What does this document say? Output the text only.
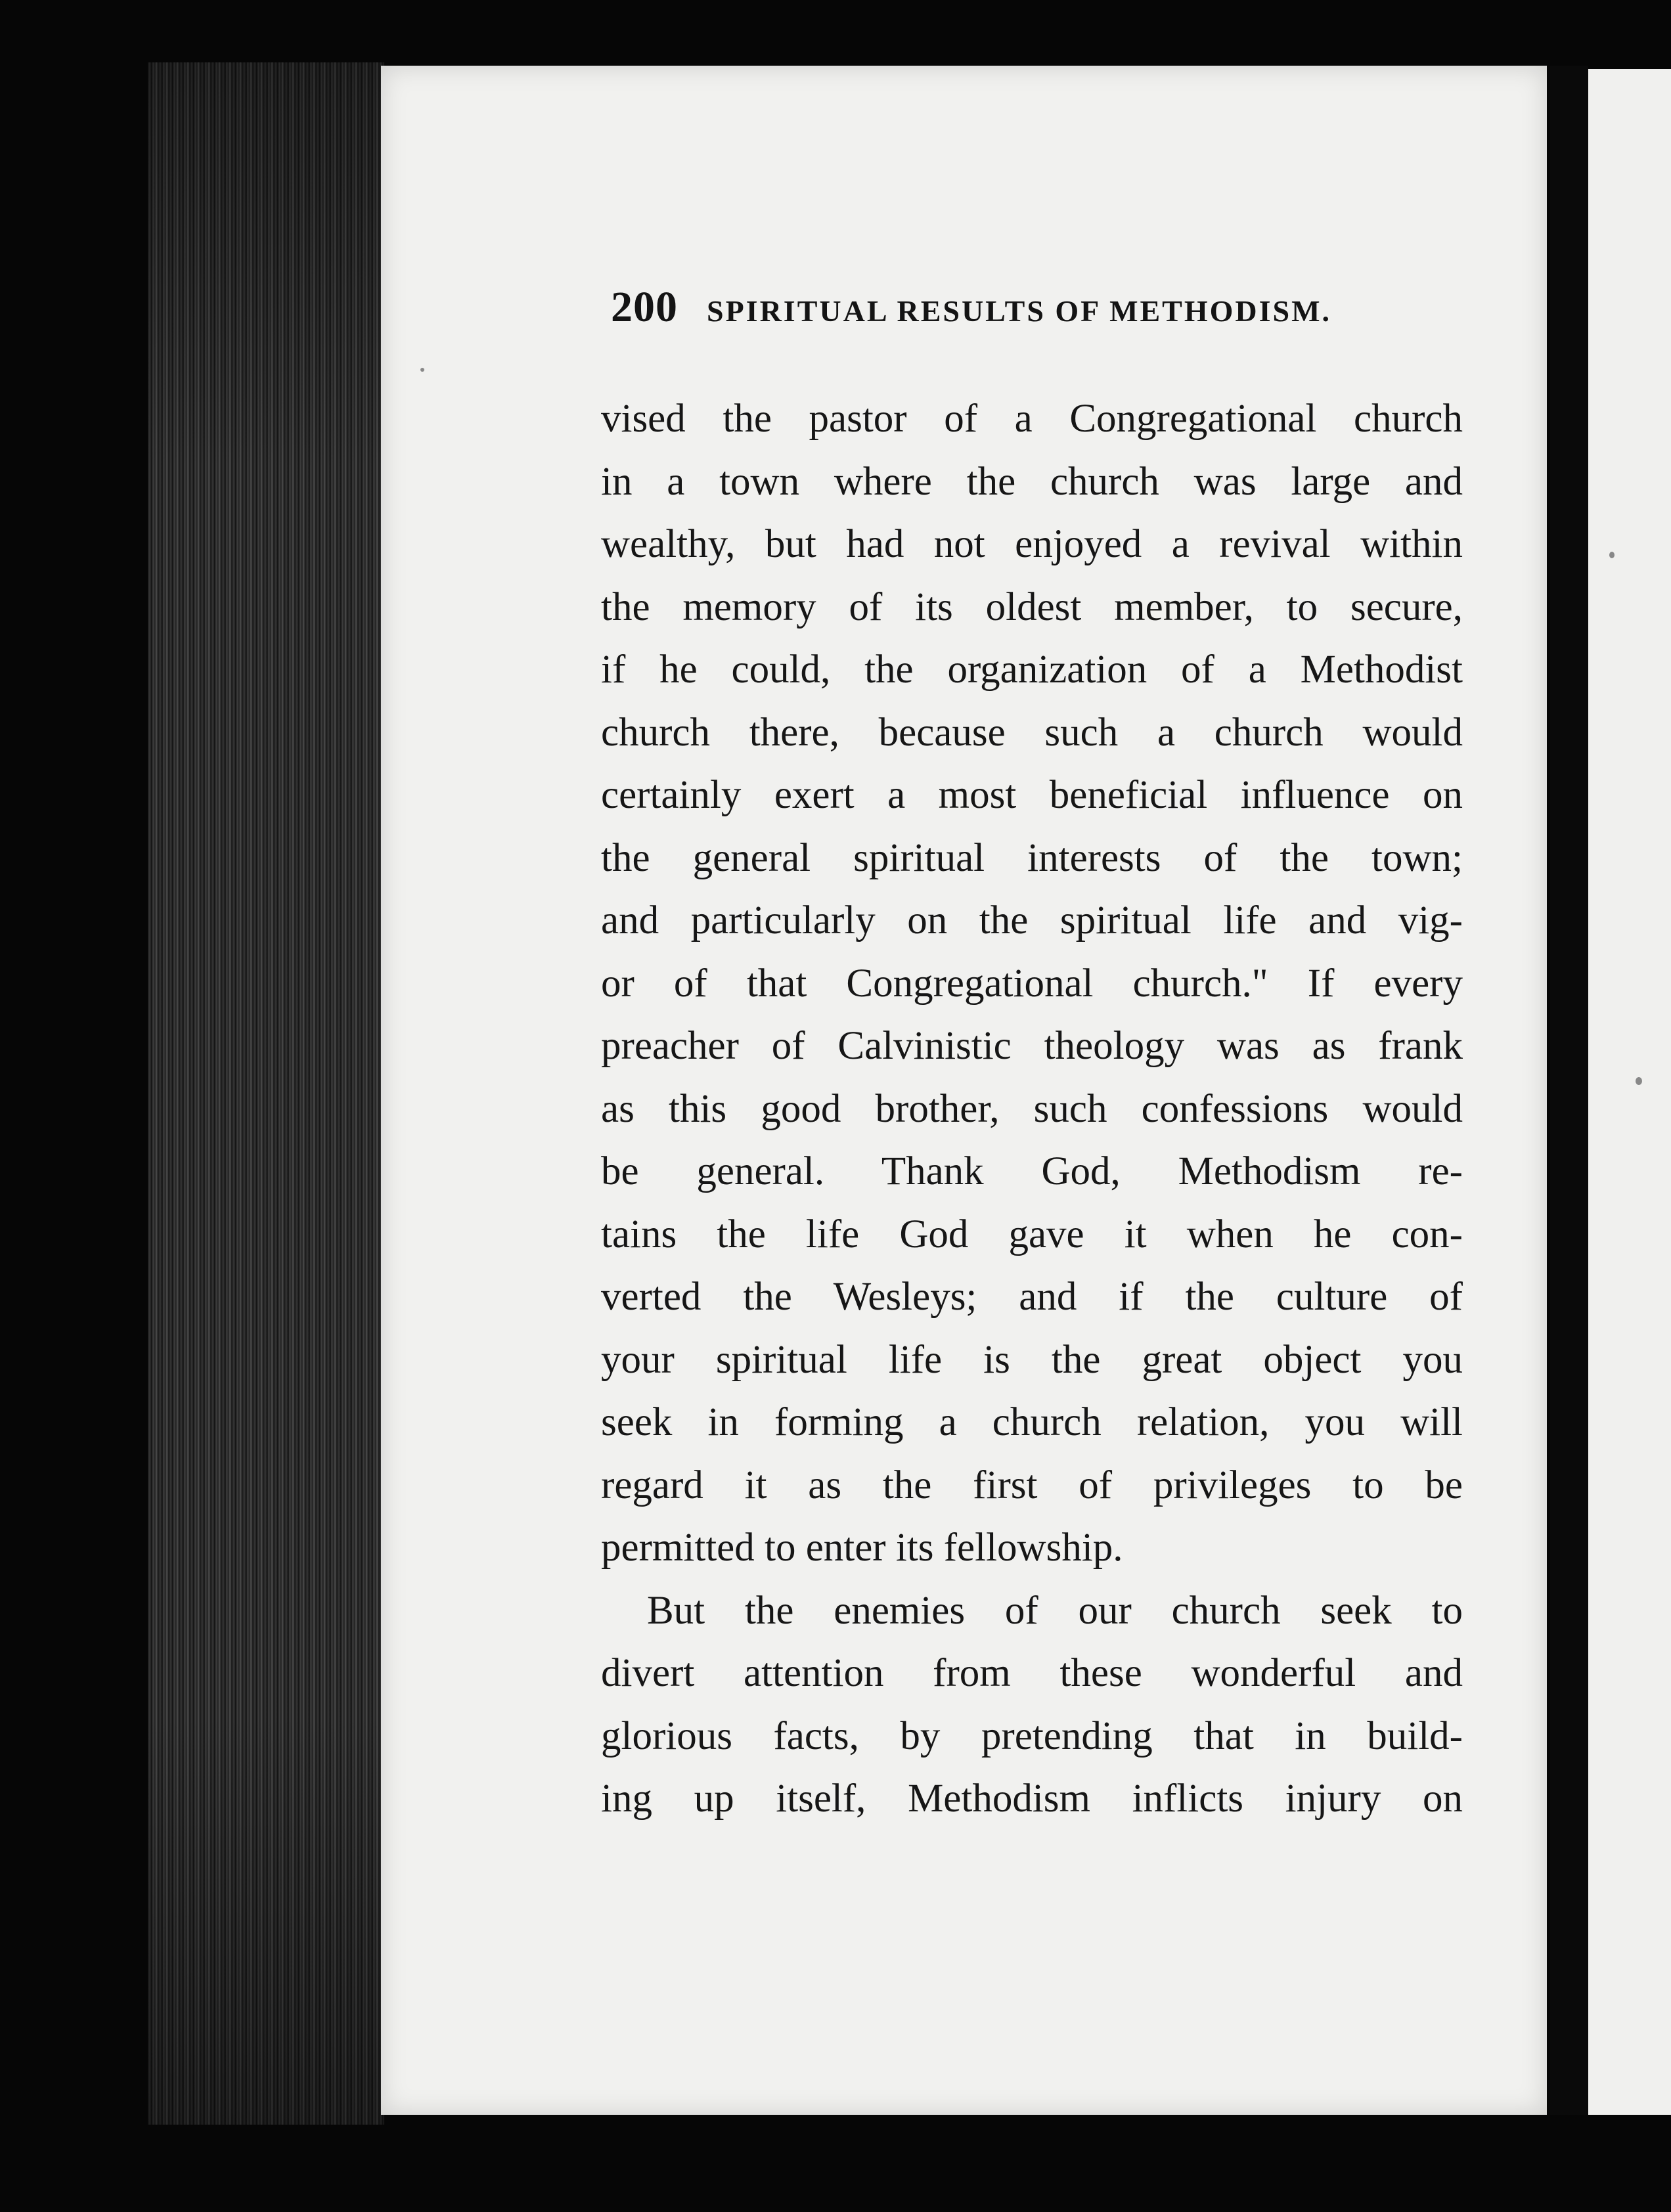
200 SPIRITUAL RESULTS OF METHODISM.
vised the pastor of a Congregational church
in a town where the church was large and
wealthy, but had not enjoyed a revival within
the memory of its oldest member, to secure,
if he could, the organization of a Methodist
church there, because such a church would
certainly exert a most beneficial influence on
the general spiritual interests of the town;
and particularly on the spiritual life and vig-
or of that Congregational church." If every
preacher of Calvinistic theology was as frank
as this good brother, such confessions would
be general. Thank God, Methodism re-
tains the life God gave it when he con-
verted the Wesleys; and if the culture of
your spiritual life is the great object you
seek in forming a church relation, you will
regard it as the first of privileges to be
permitted to enter its fellowship.
But the enemies of our church seek to
divert attention from these wonderful and
glorious facts, by pretending that in build-
ing up itself, Methodism inflicts injury on
